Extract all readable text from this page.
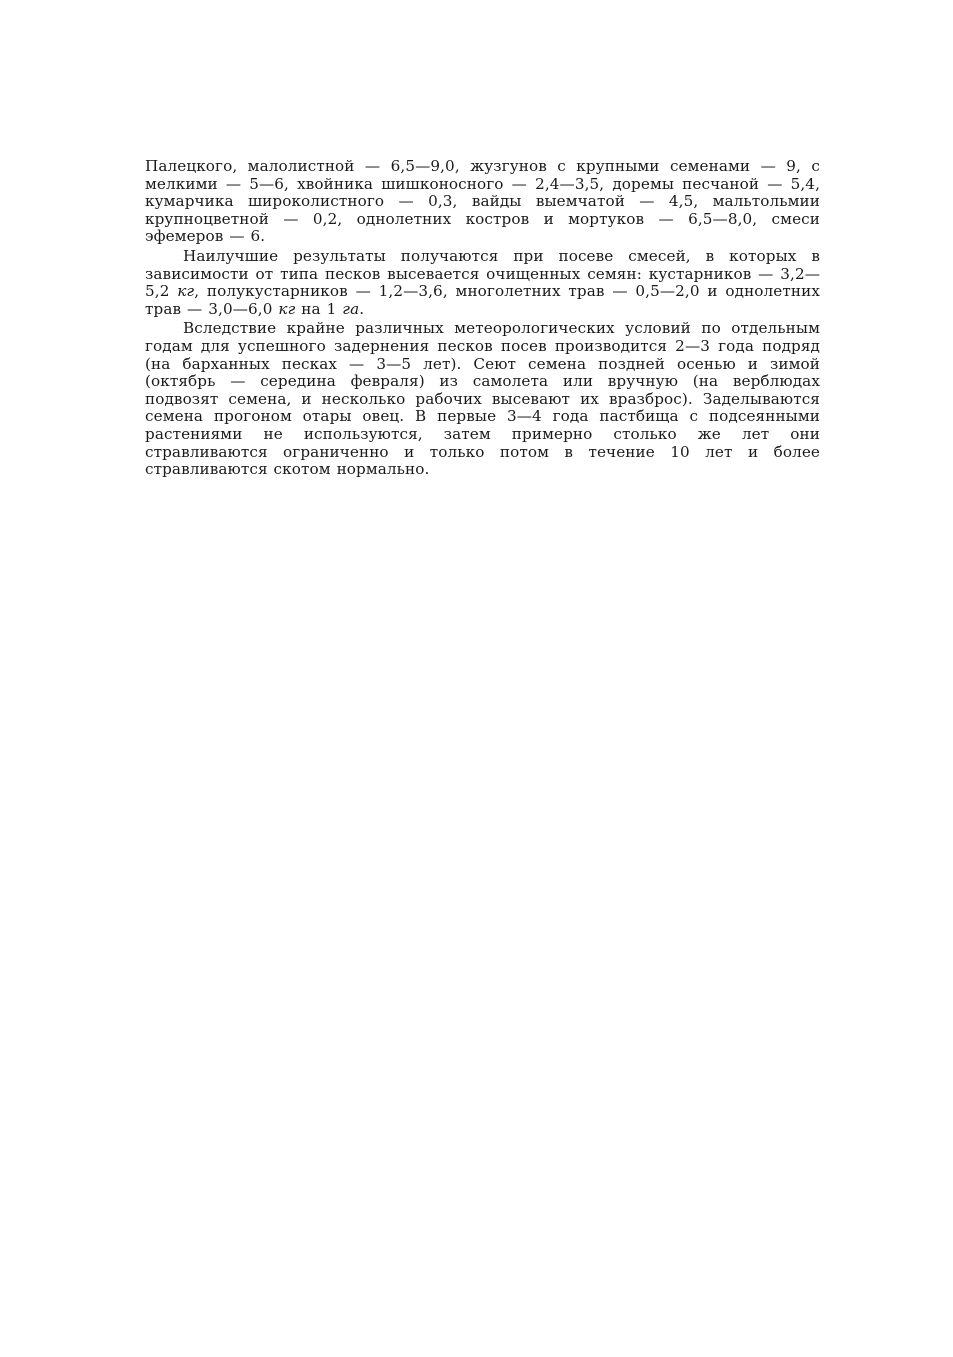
Палецкого, малолистной — 6,5—9,0, жузгунов с крупными семенами — 9, с мелкими — 5—6, хвойника шишконосного — 2,4—3,5, доремы песчаной — 5,4, кумарчика широколистного — 0,3, вайды выемчатой — 4,5, мальтольмии крупноцветной — 0,2, однолетних костров и мортуков — 6,5—8,0, смеси эфемеров — 6.

Наилучшие результаты получаются при посеве смесей, в которых в зависимости от типа песков высевается очищенных семян: кустарников — 3,2—5,2 кг, полукустарников — 1,2—3,6, многолетних трав — 0,5—2,0 и однолетних трав — 3,0—6,0 кг на 1 га.

Вследствие крайне различных метеорологических условий по отдельным годам для успешного задернения песков посев производится 2—3 года подряд (на барханных песках — 3—5 лет). Сеют семена поздней осенью и зимой (октябрь — середина февраля) из самолета или вручную (на верблюдах подвозят семена, и несколько рабочих высевают их вразброс). Заделываются семена прогоном отары овец. В первые 3—4 года пастбища с подсеянными растениями не используются, затем примерно столько же лет они стравливаются ограниченно и только потом в течение 10 лет и более стравливаются скотом нормально.
